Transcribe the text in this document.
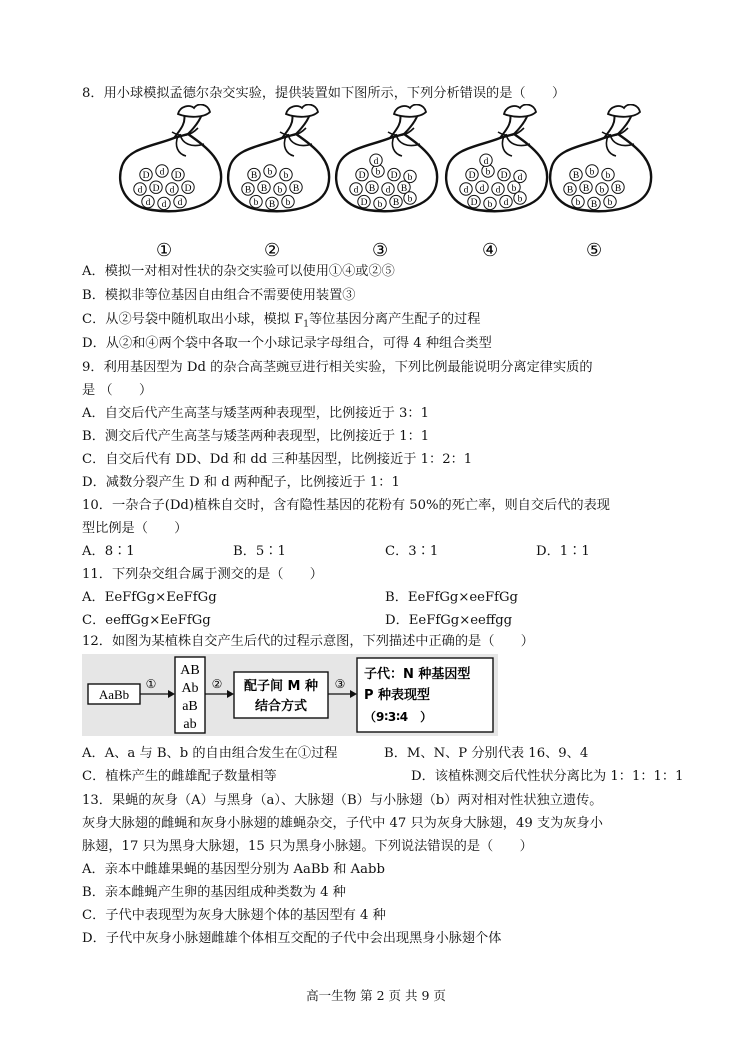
8．用小球模拟孟德尔杂交实验，提供装置如下图所示，下列分析错误的是（　　）
D d D
d D d D
d d d
①
B b b
B B b B
b B b
②
D b D
d B d B
D b B
b
d
b
③
D b D
d d d b
D b d
d
d
b
④
B b b
B B b B
b B b
⑤
A．模拟一对相对性状的杂交实验可以使用①④或②⑤
B．模拟非等位基因自由组合不需要使用装置③
C．从②号袋中随机取出小球，模拟 $F_1$等位基因分离产生配子的过程
D．从②和④两个袋中各取一个小球记录字母组合，可得 4 种组合类型
9．利用基因型为 Dd 的杂合高茎豌豆进行相关实验，下列比例最能说明分离定律实质的
是 （　　）
A．自交后代产生高茎与矮茎两种表现型，比例接近于 3：1
B．测交后代产生高茎与矮茎两种表现型，比例接近于 1：1
C．自交后代有 DD、Dd 和 dd 三种基因型，比例接近于 1：2：1
D．减数分裂产生 D 和 d 两种配子，比例接近于 1：1
10．一杂合子(Dd)植株自交时，含有隐性基因的花粉有 50%的死亡率，则自交后代的表现
型比例是（　　）
A．8∶1	B．5∶1	C．3∶1	D．1∶1
11．下列杂交组合属于测交的是（　　）
A．EeFfGg×EeFfGg	B．EeFfGg×eeFfGg
C．eeffGg×EeFfGg	D．EeFfGg×eeffgg
12．如图为某植株自交产生后代的过程示意图，下列描述中正确的是（　　）
AaBb
①
AB
Ab
aB
ab
② 配子间 M 种
结合方式
③
子代：N 种基因型
P 种表现型
（9∶3∶4　）
A．A、a 与 B、b 的自由组合发生在①过程	B．M、N、P 分别代表 16、9、4
C．植株产生的雌雄配子数量相等	D．该植株测交后代性状分离比为 1：1：1：1
13．果蝇的灰身（A）与黑身（a）、大脉翅（B）与小脉翅（b）两对相对性状独立遗传。
灰身大脉翅的雌蝇和灰身小脉翅的雄蝇杂交，子代中 47 只为灰身大脉翅，49 支为灰身小
脉翅，17 只为黑身大脉翅，15 只为黑身小脉翅。下列说法错误的是（　　）
A．亲本中雌雄果蝇的基因型分别为 AaBb 和 Aabb
B．亲本雌蝇产生卵的基因组成种类数为 4 种
C．子代中表现型为灰身大脉翅个体的基因型有 4 种
D．子代中灰身小脉翅雌雄个体相互交配的子代中会出现黑身小脉翅个体
高一生物 第 2 页 共 9 页
